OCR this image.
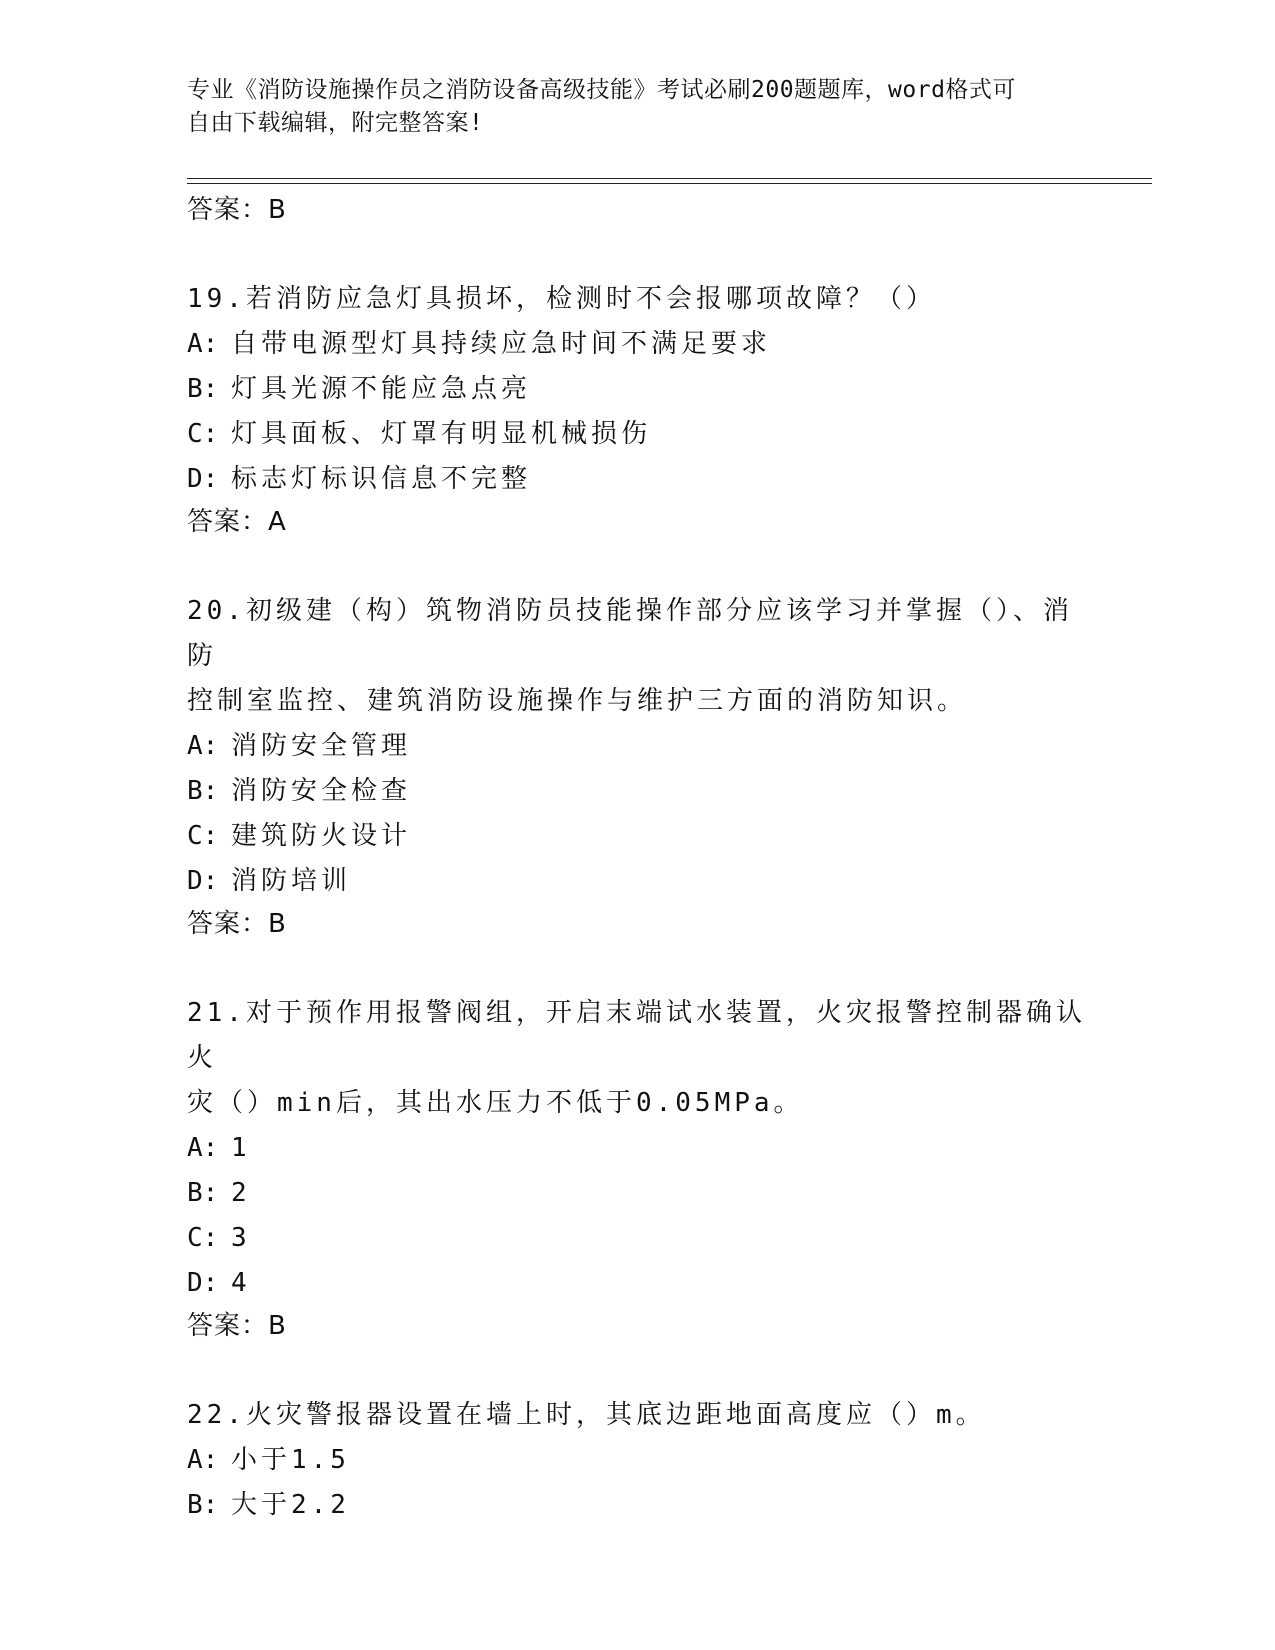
专业《消防设施操作员之消防设备高级技能》考试必刷200题题库，word格式可
自由下载编辑，附完整答案!

答案：B

19.若消防应急灯具损坏，检测时不会报哪项故障？（）

A: 自带电源型灯具持续应急时间不满足要求

B: 灯具光源不能应急点亮

C: 灯具面板、灯罩有明显机械损伤

D: 标志灯标识信息不完整

答案：A

20.初级建（构）筑物消防员技能操作部分应该学习并掌握（）、消防

控制室监控、建筑消防设施操作与维护三方面的消防知识。

A: 消防安全管理

B: 消防安全检查

C: 建筑防火设计

D: 消防培训

答案：B

21.对于预作用报警阀组，开启末端试水装置，火灾报警控制器确认火

灾（）min后，其出水压力不低于0.05MPa。

A: 1

B: 2

C: 3

D: 4

答案：B

22.火灾警报器设置在墙上时，其底边距地面高度应（）m。

A: 小于1.5

B: 大于2.2
